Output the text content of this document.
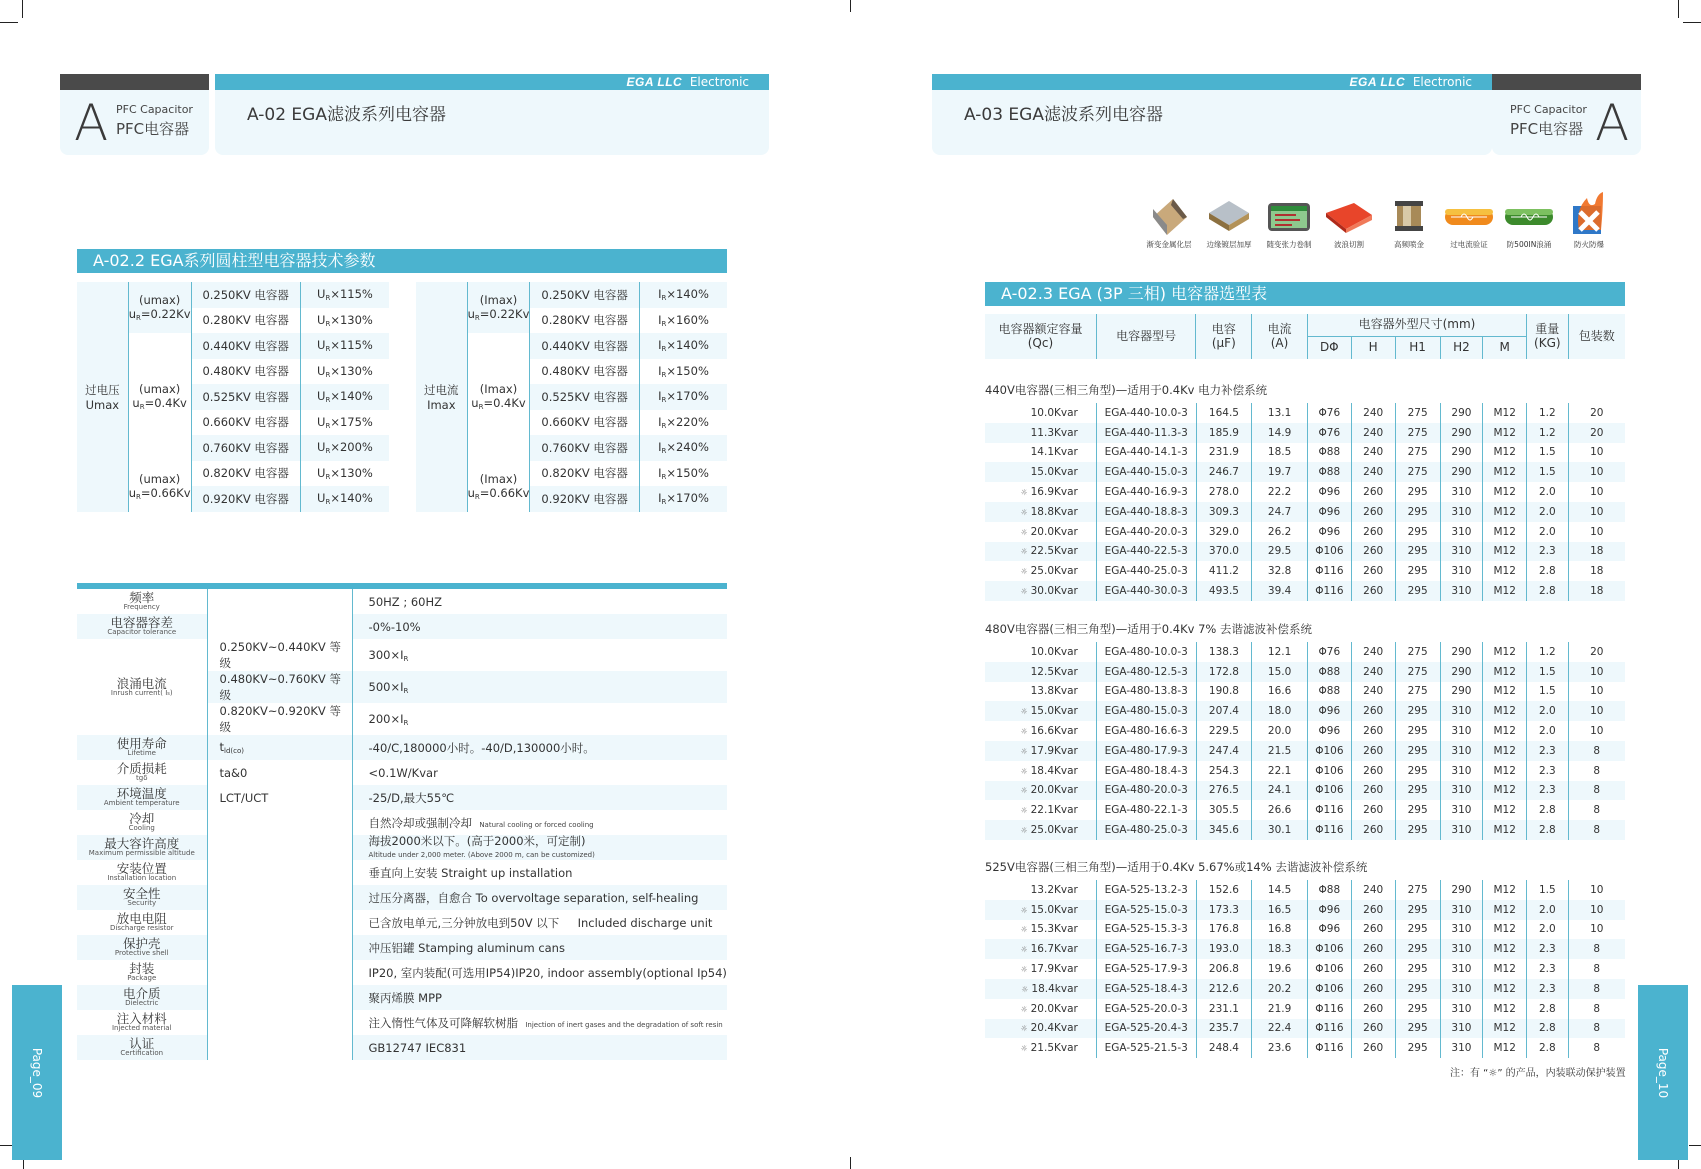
A PFC Capacitor
PFC电容器
EGA LLC Electronic
A-02 EGA滤波系列电容器
A-02.2 EGA系列圆柱型电容器技术参数
过电压
Umax	(umax)
$u_R=0.22Kv$	0.250KV 电容器	$U_R\times 115\%$
		0.280KV 电容器	$U_R\times 130\%$
	(umax)
$u_R=0.4Kv$	0.440KV 电容器	$U_R\times 115\%$
		0.480KV 电容器	$U_R\times 130\%$
		0.525KV 电容器	$U_R\times 140\%$
		0.660KV 电容器	$U_R\times 175\%$
		0.760KV 电容器	$U_R\times 200\%$
	(umax)
$u_R=0.66Kv$	0.820KV 电容器	$U_R\times 130\%$
		0.920KV 电容器	$U_R\times 140\%$
过电流
Imax	(Imax)
$u_R=0.22Kv$	0.250KV 电容器	$I_R\times 140\%$
		0.280KV 电容器	$I_R\times 160\%$
	(Imax)
$u_R=0.4Kv$	0.440KV 电容器	$I_R\times 140\%$
		0.480KV 电容器	$I_R\times 150\%$
		0.525KV 电容器	$I_R\times 170\%$
		0.660KV 电容器	$I_R\times 220\%$
		0.760KV 电容器	$I_R\times 240\%$
	(Imax)
$u_R=0.66Kv$	0.820KV 电容器	$I_R\times 150\%$
		0.920KV 电容器	$I_R\times 170\%$
频率
Frequency		50HZ ; 60HZ

电容器容差
Capacitor tolerance		-0%-10%

浪涌电流
Inrush current( Is)	0.250KV~0.440KV 等级	$300\times I_R$
	0.480KV~0.760KV 等级	$500\times I_R$
	0.820KV~0.920KV 等级	$200\times I_R$

使用寿命
Lifetime	$t_{ld(co)}$	-40/C,180000小时。-40/D,130000小时。

介质损耗
tgδ	ta&0	<0.1W/Kvar

环境温度
Ambient temperature	LCT/UCT	-25/D,最大55℃

冷却
Cooling		自然冷却或强制冷却 Natural cooling or forced cooling

最大容许高度
Maximum permissible altitude		海拔2000米以下。(高于2000米，可定制)
Altitude under 2,000 meter. (Above 2000 m, can be customized)

安装位置
Installation location		垂直向上安装 Straight up installation

安全性
Security		过压分离器，自愈合 To overvoltage separation, self-healing

放电电阻
Discharge resistor		已含放电单元,三分钟放电到50V 以下 Included discharge unit

保护壳
Protective shell		冲压铝罐 Stamping aluminum cans

封装
Package		IP20, 室内装配(可选用IP54)IP20, indoor assembly(optional Ip54)

电介质
Dielectric		聚丙烯膜 MPP

注入材料
Injected material		注入惰性气体及可降解软树脂 Injection of inert gases and the degradation of soft resin

认证
Certification		GB12747 IEC831
Page_09
EGA LLC Electronic
A-03 EGA滤波系列电容器	PFC Capacitor
PFC电容器 A
渐变金属化层	边缘镀层加厚	随变张力卷制	波浪切割	高频喷金	过电流验证	防500IN浪涌	防火防爆
A-02.3 EGA (3P 三相) 电容器选型表
电容器额定容量
(Qc)	电容器型号	电容
(μF)	电流
(A)	电容器外型尺寸(mm)					重量
(KG)	包装数
				DΦ	H	H1	H2	M		
440V电容器(三相三角型)—适用于0.4Kv 电力补偿系统
480V电容器(三相三角型)—适用于0.4Kv 7% 去谐滤波补偿系统
525V电容器(三相三角型)—适用于0.4Kv 5.67%或14% 去谐滤波补偿系统
10.0Kvar	EGA-440-10.0-3	164.5	13.1	Φ76	240	275	290	M12	1.2	20
11.3Kvar	EGA-440-11.3-3	185.9	14.9	Φ76	240	275	290	M12	1.2	20
14.1Kvar	EGA-440-14.1-3	231.9	18.5	Φ88	240	275	290	M12	1.5	10
15.0Kvar	EGA-440-15.0-3	246.7	19.7	Φ88	240	275	290	M12	1.5	10
☼ 16.9Kvar	EGA-440-16.9-3	278.0	22.2	Φ96	260	295	310	M12	2.0	10
☼ 18.8Kvar	EGA-440-18.8-3	309.3	24.7	Φ96	260	295	310	M12	2.0	10
☼ 20.0Kvar	EGA-440-20.0-3	329.0	26.2	Φ96	260	295	310	M12	2.0	10
☼ 22.5Kvar	EGA-440-22.5-3	370.0	29.5	Φ106	260	295	310	M12	2.3	18
☼ 25.0Kvar	EGA-440-25.0-3	411.2	32.8	Φ116	260	295	310	M12	2.8	18
☼ 30.0Kvar	EGA-440-30.0-3	493.5	39.4	Φ116	260	295	310	M12	2.8	18
10.0Kvar	EGA-480-10.0-3	138.3	12.1	Φ76	240	275	290	M12	1.2	20
12.5Kvar	EGA-480-12.5-3	172.8	15.0	Φ88	240	275	290	M12	1.5	10
13.8Kvar	EGA-480-13.8-3	190.8	16.6	Φ88	240	275	290	M12	1.5	10
☼ 15.0Kvar	EGA-480-15.0-3	207.4	18.0	Φ96	260	295	310	M12	2.0	10
☼ 16.6Kvar	EGA-480-16.6-3	229.5	20.0	Φ96	260	295	310	M12	2.0	10
☼ 17.9Kvar	EGA-480-17.9-3	247.4	21.5	Φ106	260	295	310	M12	2.3	8
☼ 18.4Kvar	EGA-480-18.4-3	254.3	22.1	Φ106	260	295	310	M12	2.3	8
☼ 20.0Kvar	EGA-480-20.0-3	276.5	24.1	Φ106	260	295	310	M12	2.3	8
☼ 22.1Kvar	EGA-480-22.1-3	305.5	26.6	Φ116	260	295	310	M12	2.8	8
☼ 25.0Kvar	EGA-480-25.0-3	345.6	30.1	Φ116	260	295	310	M12	2.8	8
13.2Kvar	EGA-525-13.2-3	152.6	14.5	Φ88	240	275	290	M12	1.5	10
☼ 15.0Kvar	EGA-525-15.0-3	173.3	16.5	Φ96	260	295	310	M12	2.0	10
☼ 15.3Kvar	EGA-525-15.3-3	176.8	16.8	Φ96	260	295	310	M12	2.0	10
☼ 16.7Kvar	EGA-525-16.7-3	193.0	18.3	Φ106	260	295	310	M12	2.3	8
☼ 17.9Kvar	EGA-525-17.9-3	206.8	19.6	Φ106	260	295	310	M12	2.3	8
☼ 18.4kvar	EGA-525-18.4-3	212.6	20.2	Φ106	260	295	310	M12	2.3	8
☼ 20.0Kvar	EGA-525-20.0-3	231.1	21.9	Φ116	260	295	310	M12	2.8	8
☼ 20.4Kvar	EGA-525-20.4-3	235.7	22.4	Φ116	260	295	310	M12	2.8	8
☼ 21.5Kvar	EGA-525-21.5-3	248.4	23.6	Φ116	260	295	310	M12	2.8	8
注：有 “☼” 的产品，内装联动保护装置	Page_10
